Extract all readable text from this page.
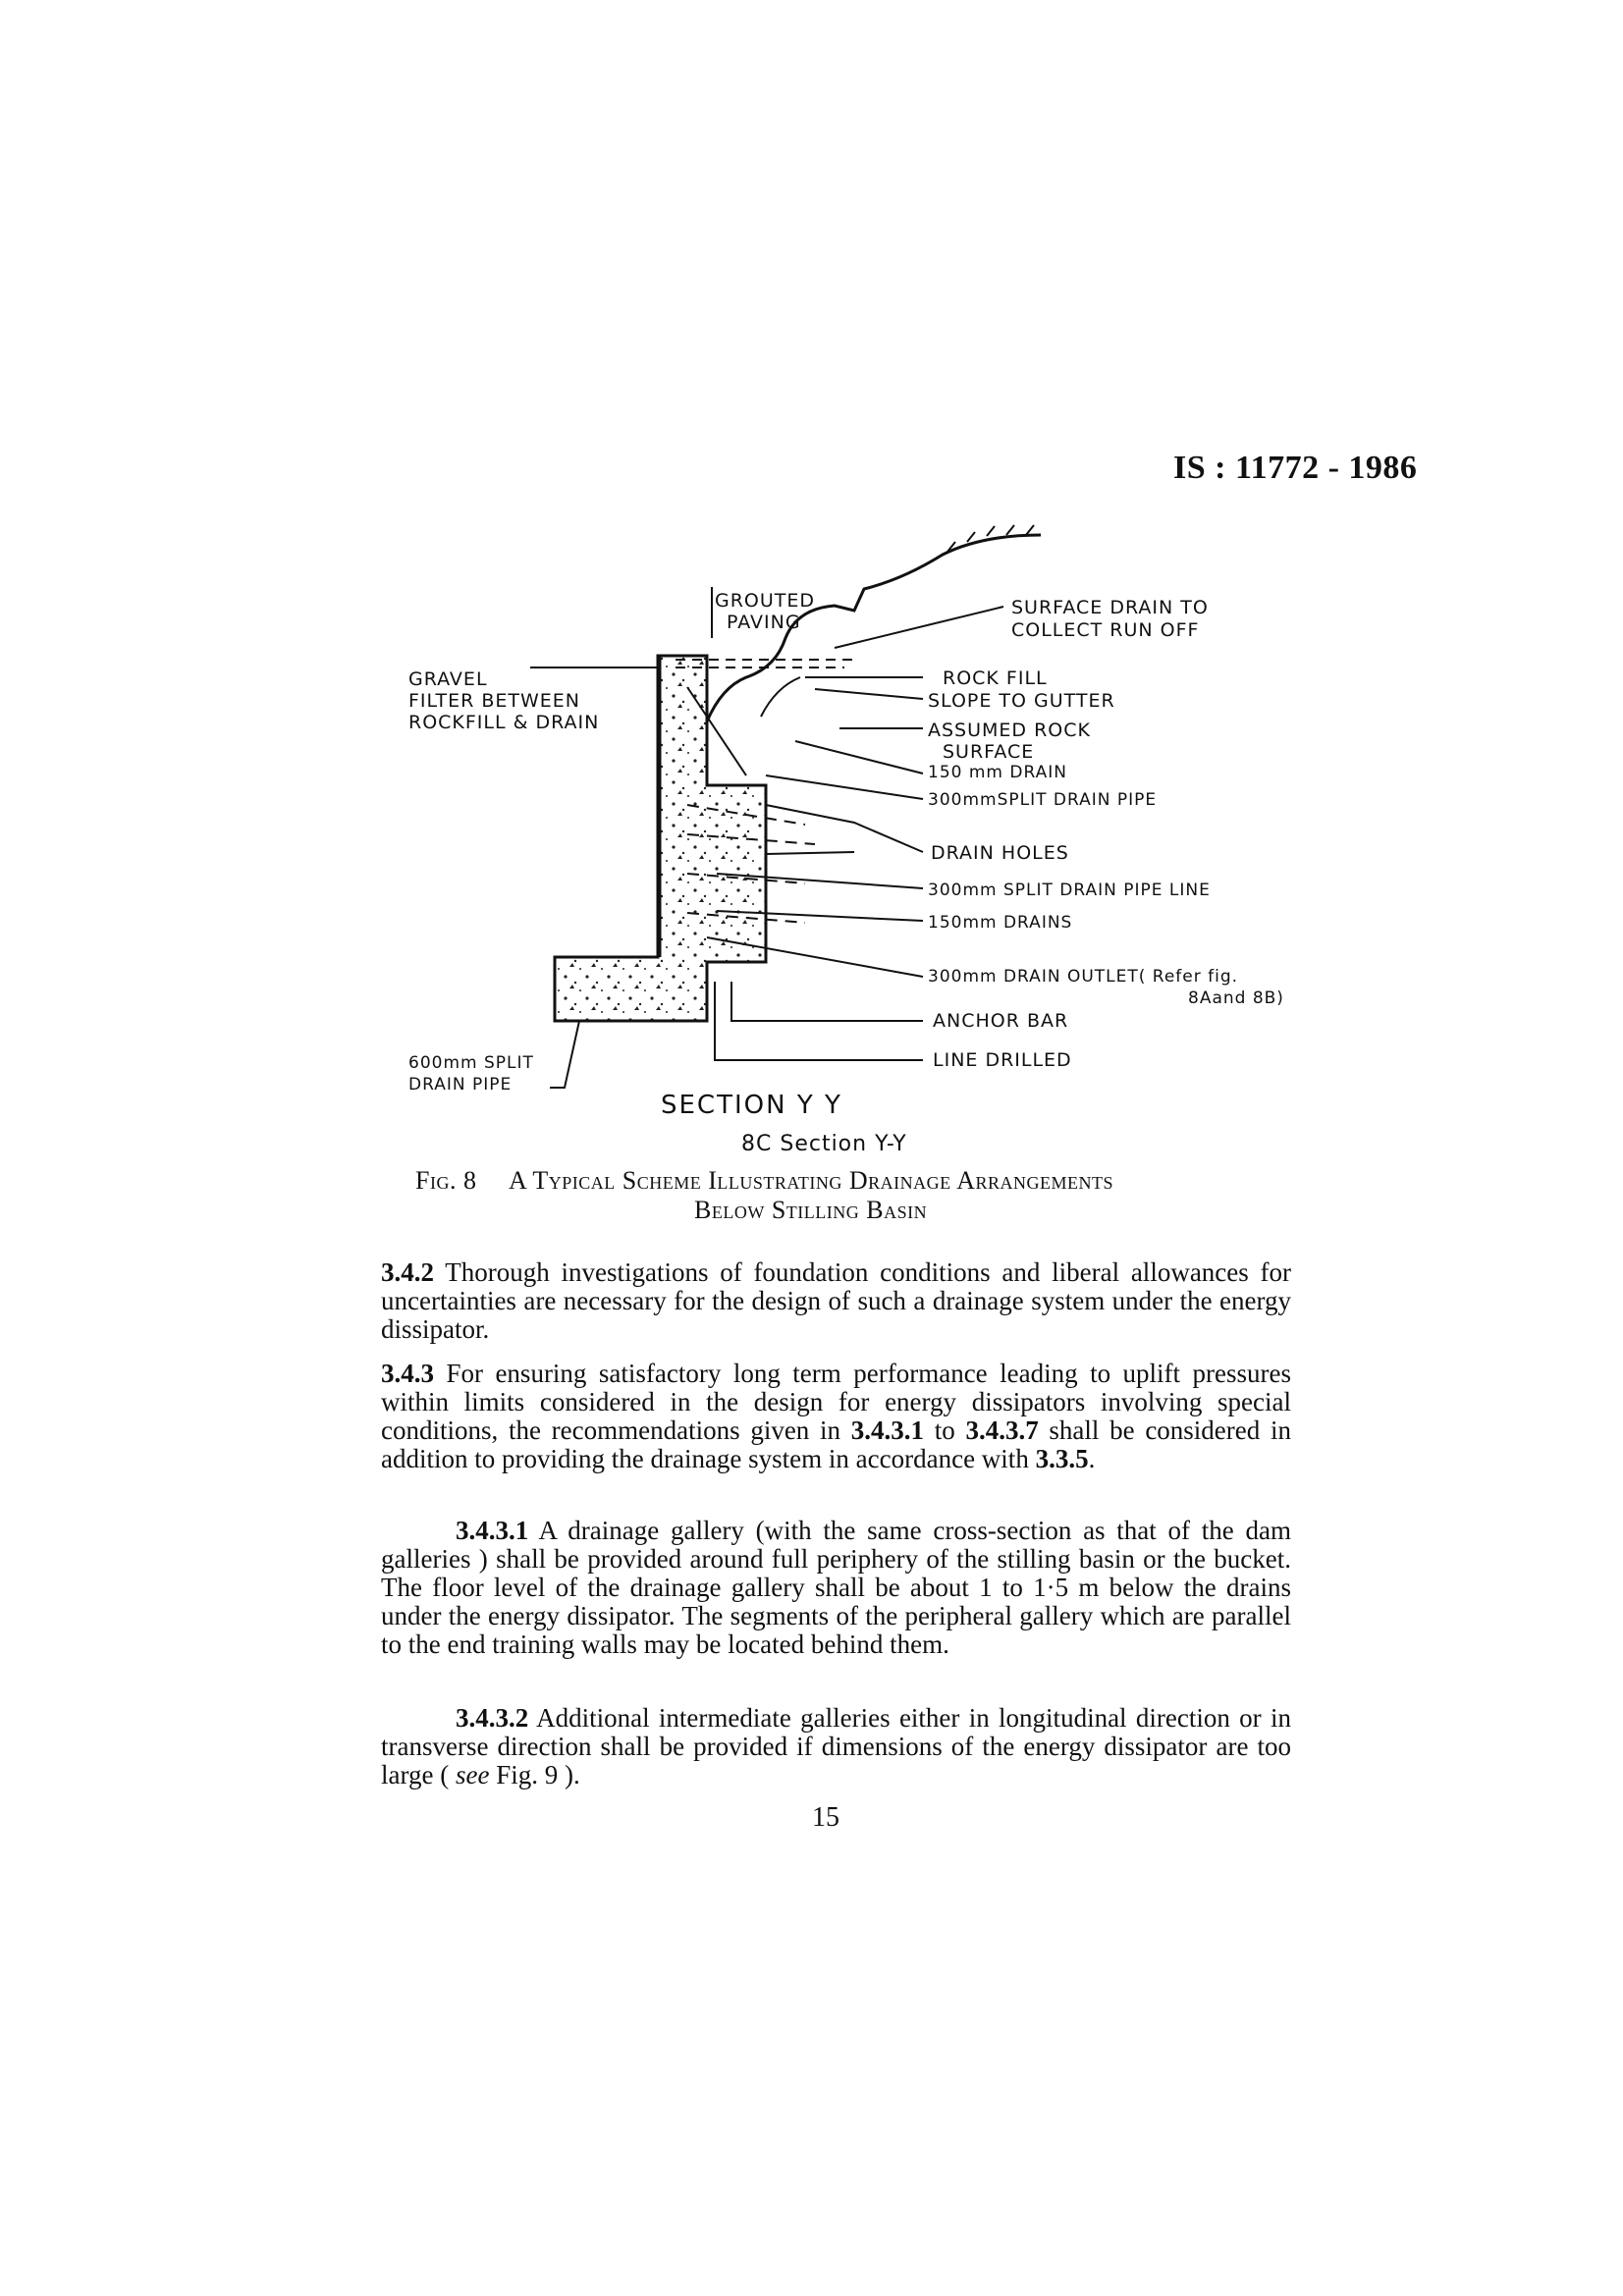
IS : 11772 - 1986
GROUTED
PAVING
SURFACE DRAIN TO
COLLECT RUN OFF
GRAVEL
FILTER BETWEEN
ROCKFILL & DRAIN
ROCK FILL
SLOPE TO GUTTER
ASSUMED ROCK
SURFACE
150 mm DRAIN
300mmSPLIT DRAIN PIPE
DRAIN HOLES
300mm SPLIT DRAIN PIPE LINE
150mm DRAINS
300mm DRAIN OUTLET( Refer fig.
8Aand 8B)
ANCHOR BAR
LINE DRILLED
600mm SPLIT
DRAIN PIPE
SECTION Y Y
8C Section Y-Y
Fig. 8 A Typical Scheme Illustrating Drainage Arrangements
Below Stilling Basin
3.4.2 Thorough investigations of foundation conditions and liberal allowances for uncertainties are necessary for the design of such a drainage system under the energy dissipator.
3.4.3 For ensuring satisfactory long term performance leading to uplift pressures within limits considered in the design for energy dissipators involving special conditions, the recommendations given in 3.4.3.1 to 3.4.3.7 shall be considered in addition to providing the drainage system in accordance with 3.3.5.
3.4.3.1 A drainage gallery (with the same cross-section as that of the dam galleries ) shall be provided around full periphery of the stilling basin or the bucket. The floor level of the drainage gallery shall be about 1 to 1·5 m below the drains under the energy dissipator. The segments of the peripheral gallery which are parallel to the end training walls may be located behind them.
3.4.3.2 Additional intermediate galleries either in longitudinal direction or in transverse direction shall be provided if dimensions of the energy dissipator are too large ( see Fig. 9 ).
15
